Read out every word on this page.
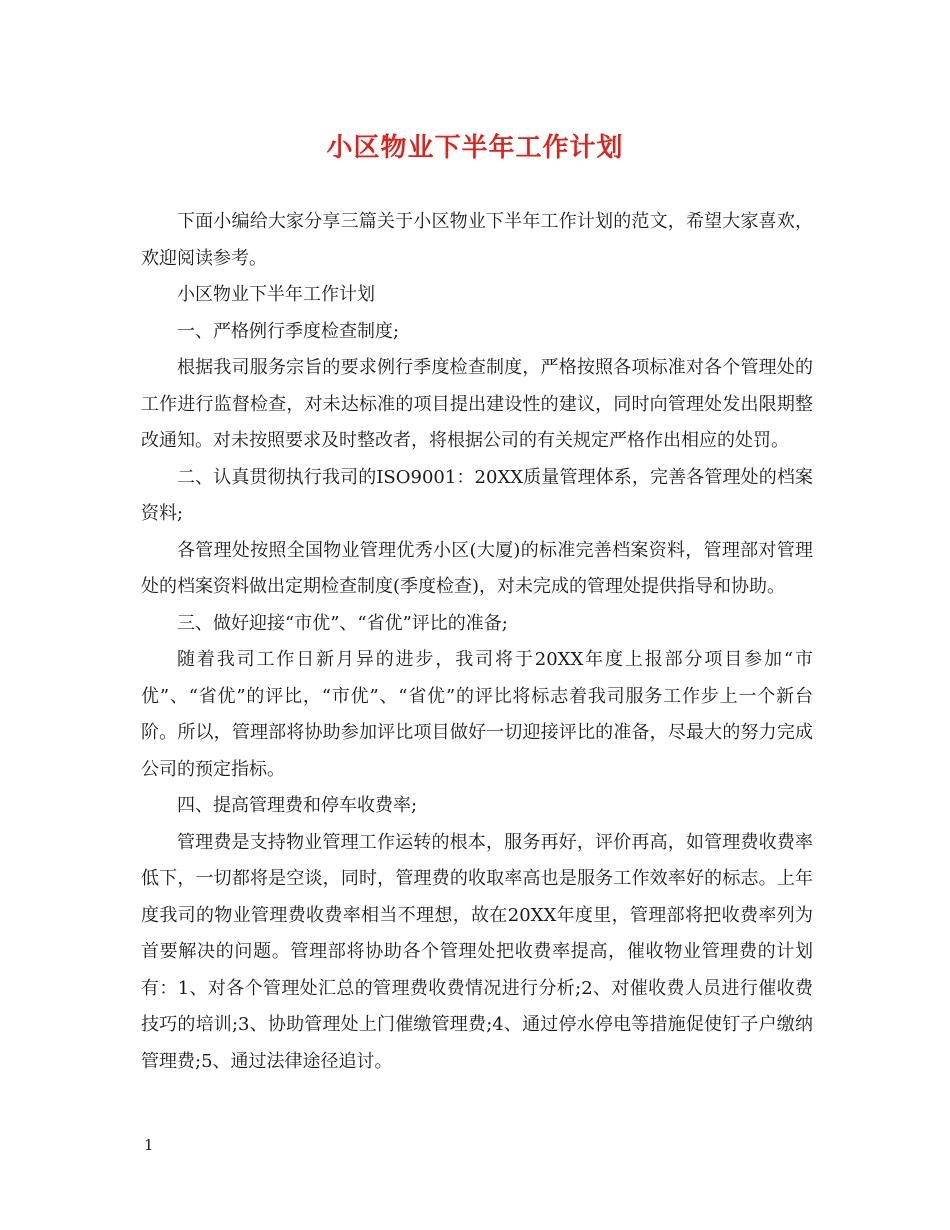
小区物业下半年工作计划

下面小编给大家分享三篇关于小区物业下半年工作计划的范文，希望大家喜欢，欢迎阅读参考。

小区物业下半年工作计划

一、严格例行季度检查制度;

根据我司服务宗旨的要求例行季度检查制度，严格按照各项标准对各个管理处的工作进行监督检查，对未达标准的项目提出建设性的建议，同时向管理处发出限期整改通知。对未按照要求及时整改者，将根据公司的有关规定严格作出相应的处罚。

二、认真贯彻执行我司的ISO9001：20XX质量管理体系，完善各管理处的档案资料;

各管理处按照全国物业管理优秀小区(大厦)的标准完善档案资料，管理部对管理处的档案资料做出定期检查制度(季度检查)，对未完成的管理处提供指导和协助。

三、做好迎接“市优”、“省优”评比的准备;

随着我司工作日新月异的进步，我司将于20XX年度上报部分项目参加“市优”、“省优”的评比，“市优”、“省优”的评比将标志着我司服务工作步上一个新台阶。所以，管理部将协助参加评比项目做好一切迎接评比的准备，尽最大的努力完成公司的预定指标。

四、提高管理费和停车收费率;

管理费是支持物业管理工作运转的根本，服务再好，评价再高，如管理费收费率低下，一切都将是空谈，同时，管理费的收取率高也是服务工作效率好的标志。上年度我司的物业管理费收费率相当不理想，故在20XX年度里，管理部将把收费率列为首要解决的问题。管理部将协助各个管理处把收费率提高，催收物业管理费的计划有：1、对各个管理处汇总的管理费收费情况进行分析;2、对催收费人员进行催收费技巧的培训;3、协助管理处上门催缴管理费;4、通过停水停电等措施促使钉子户缴纳管理费;5、通过法律途径追讨。

1
